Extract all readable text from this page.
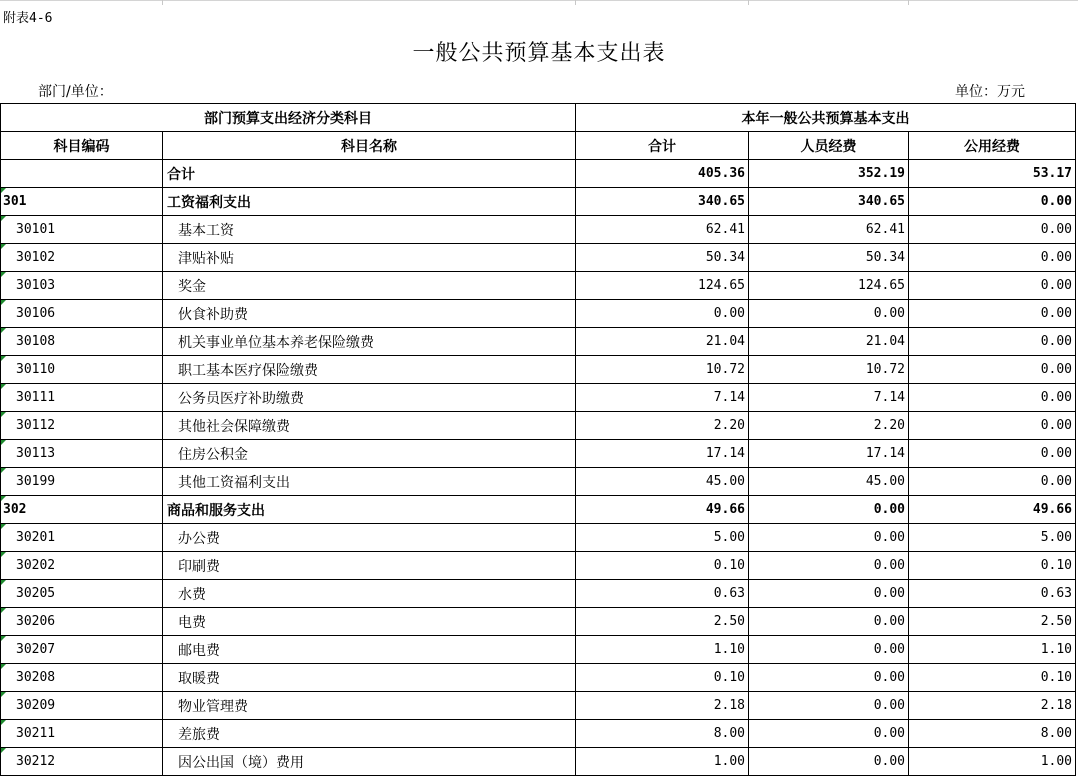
附表4-6
一般公共预算基本支出表
部门/单位：	单位：万元
部门预算支出经济分类科目		本年一般公共预算基本支出		
科目编码	科目名称	合计	人员经费	公用经费
	合计	405.36	352.19	53.17
301	工资福利支出	340.65	340.65	0.00
30101	基本工资	62.41	62.41	0.00
30102	津贴补贴	50.34	50.34	0.00
30103	奖金	124.65	124.65	0.00
30106	伙食补助费	0.00	0.00	0.00
30108	机关事业单位基本养老保险缴费	21.04	21.04	0.00
30110	职工基本医疗保险缴费	10.72	10.72	0.00
30111	公务员医疗补助缴费	7.14	7.14	0.00
30112	其他社会保障缴费	2.20	2.20	0.00
30113	住房公积金	17.14	17.14	0.00
30199	其他工资福利支出	45.00	45.00	0.00
302	商品和服务支出	49.66	0.00	49.66
30201	办公费	5.00	0.00	5.00
30202	印刷费	0.10	0.00	0.10
30205	水费	0.63	0.00	0.63
30206	电费	2.50	0.00	2.50
30207	邮电费	1.10	0.00	1.10
30208	取暖费	0.10	0.00	0.10
30209	物业管理费	2.18	0.00	2.18
30211	差旅费	8.00	0.00	8.00
30212	因公出国（境）费用	1.00	0.00	1.00
